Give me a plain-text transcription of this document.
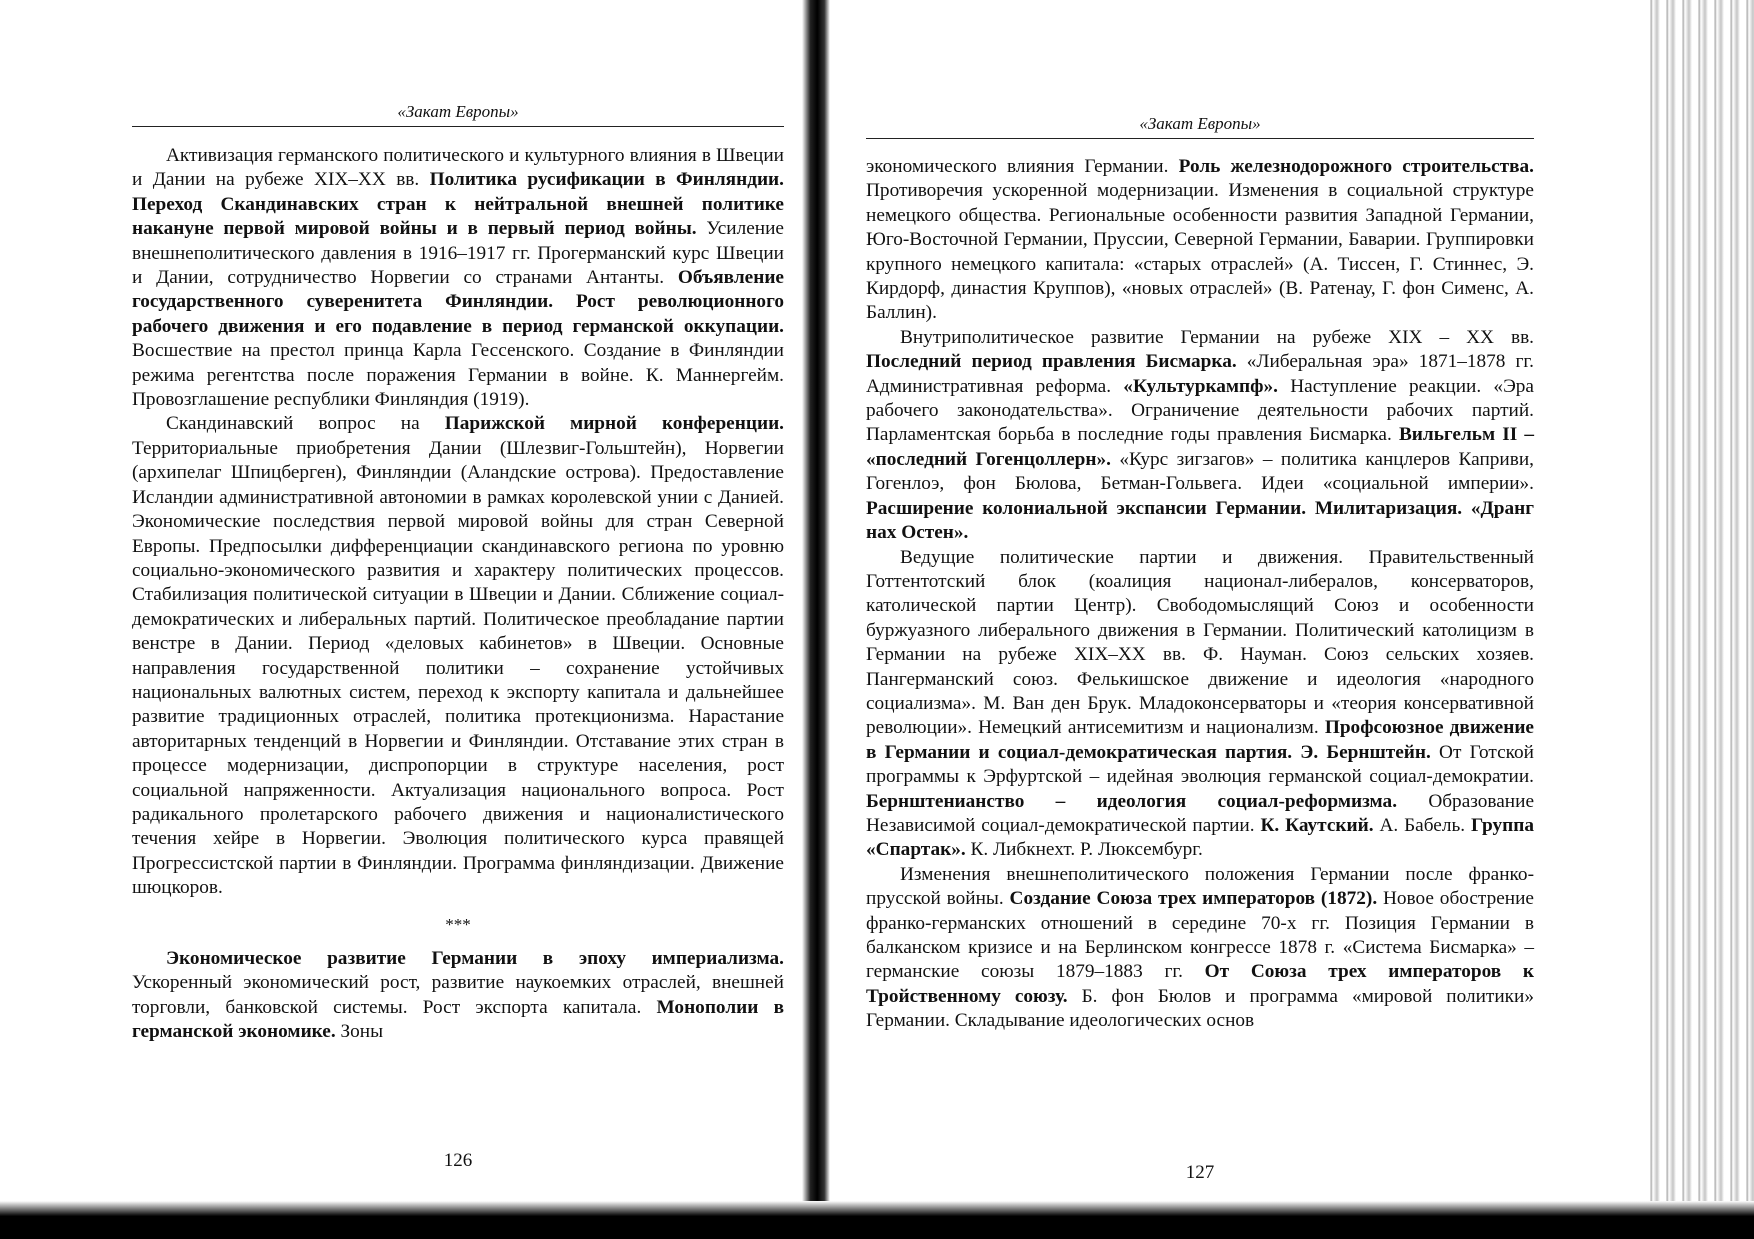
«Закат Европы»

Активизация германского политического и культурного влияния в Швеции и Дании на рубеже XIX–XX вв. Политика русификации в Финляндии. Переход Скандинавских стран к нейтральной внешней политике накануне первой мировой войны и в первый период войны. Усиление внешнеполитического давления в 1916–1917 гг. Прогерманский курс Швеции и Дании, сотрудничество Норвегии со странами Антанты. Объявление государственного суверенитета Финляндии. Рост революционного рабочего движения и его подавление в период германской оккупации. Восшествие на престол принца Карла Гессенского. Создание в Финляндии режима регентства после поражения Германии в войне. К. Маннергейм. Провозглашение республики Финляндия (1919).

Скандинавский вопрос на Парижской мирной конференции. Территориальные приобретения Дании (Шлезвиг-Гольштейн), Норвегии (архипелаг Шпицберген), Финляндии (Аландские острова). Предоставление Исландии административной автономии в рамках королевской унии с Данией. Экономические последствия первой мировой войны для стран Северной Европы. Предпосылки дифференциации скандинавского региона по уровню социально-экономического развития и характеру политических процессов. Стабилизация политической ситуации в Швеции и Дании. Сближение социал-демократических и либеральных партий. Политическое преобладание партии венстре в Дании. Период «деловых кабинетов» в Швеции. Основные направления государственной политики – сохранение устойчивых национальных валютных систем, переход к экспорту капитала и дальнейшее развитие традиционных отраслей, политика протекционизма. Нарастание авторитарных тенденций в Норвегии и Финляндии. Отставание этих стран в процессе модернизации, диспропорции в структуре населения, рост социальной напряженности. Актуализация национального вопроса. Рост радикального пролетарского рабочего движения и националистического течения хейре в Норвегии. Эволюция политического курса правящей Прогрессистской партии в Финляндии. Программа финляндизации. Движение шюцкоров.

***

Экономическое развитие Германии в эпоху империализма. Ускоренный экономический рост, развитие наукоемких отраслей, внешней торговли, банковской системы. Рост экспорта капитала. Монополии в германской экономике. Зоны

126
«Закат Европы»

экономического влияния Германии. Роль железнодорожного строительства. Противоречия ускоренной модернизации. Изменения в социальной структуре немецкого общества. Региональные особенности развития Западной Германии, Юго-Восточной Германии, Пруссии, Северной Германии, Баварии. Группировки крупного немецкого капитала: «старых отраслей» (А. Тиссен, Г. Стиннес, Э. Кирдорф, династия Круппов), «новых отраслей» (В. Ратенау, Г. фон Сименс, А. Баллин).

Внутриполитическое развитие Германии на рубеже XIX – XX вв. Последний период правления Бисмарка. «Либеральная эра» 1871–1878 гг. Административная реформа. «Культуркампф». Наступление реакции. «Эра рабочего законодательства». Ограничение деятельности рабочих партий. Парламентская борьба в последние годы правления Бисмарка. Вильгельм II – «последний Гогенцоллерн». «Курс зигзагов» – политика канцлеров Каприви, Гогенлоэ, фон Бюлова, Бетман-Гольвега. Идеи «социальной империи». Расширение колониальной экспансии Германии. Милитаризация. «Дранг нах Остен».

Ведущие политические партии и движения. Правительственный Готтентотский блок (коалиция национал-либералов, консерваторов, католической партии Центр). Свободомыслящий Союз и особенности буржуазного либерального движения в Германии. Политический католицизм в Германии на рубеже XIX–XX вв. Ф. Науман. Союз сельских хозяев. Пангерманский союз. Фелькишское движение и идеология «народного социализма». М. Ван ден Брук. Младоконсерваторы и «теория консервативной революции». Немецкий антисемитизм и национализм. Профсоюзное движение в Германии и социал-демократическая партия. Э. Бернштейн. От Готской программы к Эрфуртской – идейная эволюция германской социал-демократии. Бернштенианство – идеология социал-реформизма. Образование Независимой социал-демократической партии. К. Каутский. А. Бабель. Группа «Спартак». К. Либкнехт. Р. Люксембург.

Изменения внешнеполитического положения Германии после франко-прусской войны. Создание Союза трех императоров (1872). Новое обострение франко-германских отношений в середине 70-х гг. Позиция Германии в балканском кризисе и на Берлинском конгрессе 1878 г. «Система Бисмарка» – германские союзы 1879–1883 гг. От Союза трех императоров к Тройственному союзу. Б. фон Бюлов и программа «мировой политики» Германии. Складывание идеологических основ

127
